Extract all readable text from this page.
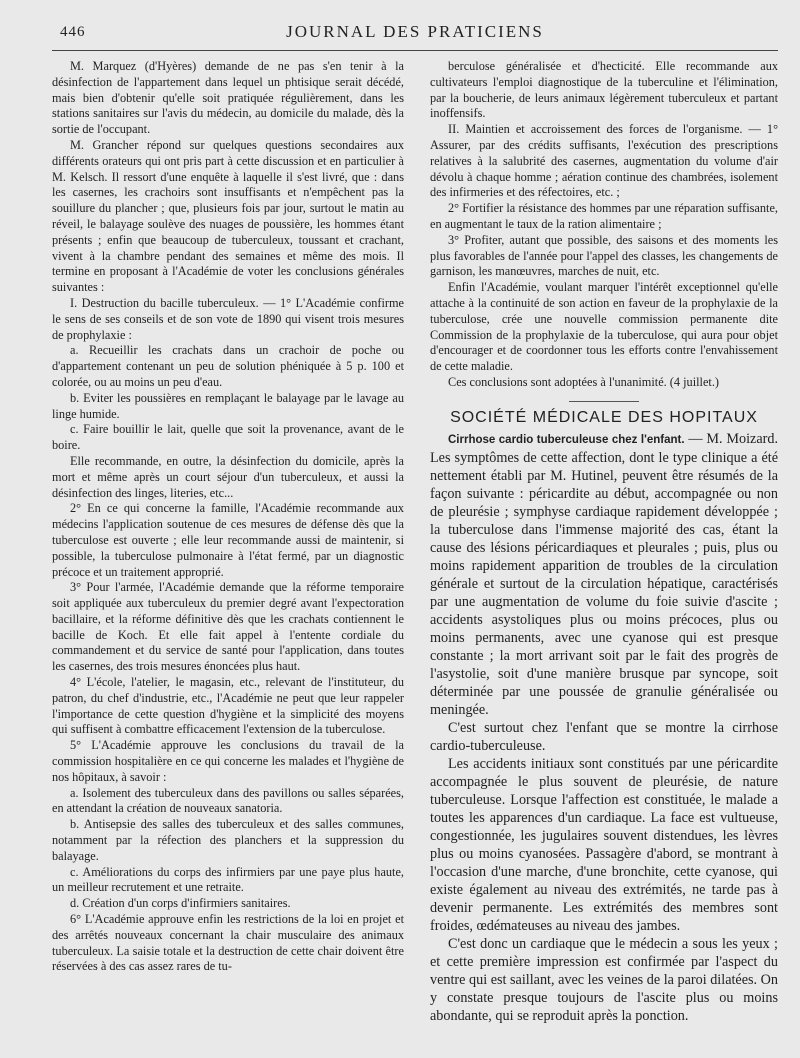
446	JOURNAL DES PRATICIENS

M. Marquez (d'Hyères) demande de ne pas s'en tenir à la désinfection de l'appartement dans lequel un phtisique serait décédé, mais bien d'obtenir qu'elle soit pratiquée régulièrement, dans les stations sanitaires sur l'avis du médecin, au domicile du malade, dès la sortie de l'occupant.

M. Grancher répond sur quelques questions secondaires aux différents orateurs qui ont pris part à cette discussion et en particulier à M. Kelsch. Il ressort d'une enquête à laquelle il s'est livré, que : dans les casernes, les crachoirs sont insuffisants et n'empêchent pas la souillure du plancher ; que, plusieurs fois par jour, surtout le matin au réveil, le balayage soulève des nuages de poussière, les hommes étant présents ; enfin que beaucoup de tuberculeux, toussant et crachant, vivent à la chambre pendant des semaines et même des mois. Il termine en proposant à l'Académie de voter les conclusions générales suivantes :

I. Destruction du bacille tuberculeux. — 1° L'Académie confirme le sens de ses conseils et de son vote de 1890 qui visent trois mesures de prophylaxie :

a. Recueillir les crachats dans un crachoir de poche ou d'appartement contenant un peu de solution phéniquée à 5 p. 100 et colorée, ou au moins un peu d'eau.

b. Eviter les poussières en remplaçant le balayage par le lavage au linge humide.

c. Faire bouillir le lait, quelle que soit la provenance, avant de le boire.

Elle recommande, en outre, la désinfection du domicile, après la mort et même après un court séjour d'un tuberculeux, et aussi la désinfection des linges, literies, etc...

2° En ce qui concerne la famille, l'Académie recommande aux médecins l'application soutenue de ces mesures de défense dès que la tuberculose est ouverte ; elle leur recommande aussi de maintenir, si possible, la tuberculose pulmonaire à l'état fermé, par un diagnostic précoce et un traitement approprié.

3° Pour l'armée, l'Académie demande que la réforme temporaire soit appliquée aux tuberculeux du premier degré avant l'expectoration bacillaire, et la réforme définitive dès que les crachats contiennent le bacille de Koch. Et elle fait appel à l'entente cordiale du commandement et du service de santé pour l'application, dans toutes les casernes, des trois mesures énoncées plus haut.

4° L'école, l'atelier, le magasin, etc., relevant de l'instituteur, du patron, du chef d'industrie, etc., l'Académie ne peut que leur rappeler l'importance de cette question d'hygiène et la simplicité des moyens qui suffisent à combattre efficacement l'extension de la tuberculose.

5° L'Académie approuve les conclusions du travail de la commission hospitalière en ce qui concerne les malades et l'hygiène de nos hôpitaux, à savoir :

a. Isolement des tuberculeux dans des pavillons ou salles séparées, en attendant la création de nouveaux sanatoria.

b. Antisepsie des salles des tuberculeux et des salles communes, notamment par la réfection des planchers et la suppression du balayage.

c. Améliorations du corps des infirmiers par une paye plus haute, un meilleur recrutement et une retraite.

d. Création d'un corps d'infirmiers sanitaires.

6° L'Académie approuve enfin les restrictions de la loi en projet et des arrêtés nouveaux concernant la chair musculaire des animaux tuberculeux. La saisie totale et la destruction de cette chair doivent être réservées à des cas assez rares de tu-

berculose généralisée et d'hecticité. Elle recommande aux cultivateurs l'emploi diagnostique de la tuberculine et l'élimination, par la boucherie, de leurs animaux légèrement tuberculeux et partant inoffensifs.

II. Maintien et accroissement des forces de l'organisme. — 1° Assurer, par des crédits suffisants, l'exécution des prescriptions relatives à la salubrité des casernes, augmentation du volume d'air dévolu à chaque homme ; aération continue des chambrées, isolement des infirmeries et des réfectoires, etc. ;

2° Fortifier la résistance des hommes par une réparation suffisante, en augmentant le taux de la ration alimentaire ;

3° Profiter, autant que possible, des saisons et des moments les plus favorables de l'année pour l'appel des classes, les changements de garnison, les manœuvres, marches de nuit, etc.

Enfin l'Académie, voulant marquer l'intérêt exceptionnel qu'elle attache à la continuité de son action en faveur de la prophylaxie de la tuberculose, crée une nouvelle commission permanente dite Commission de la prophylaxie de la tuberculose, qui aura pour objet d'encourager et de coordonner tous les efforts contre l'envahissement de cette maladie.

Ces conclusions sont adoptées à l'unanimité. (4 juillet.)

SOCIÉTÉ MÉDICALE DES HOPITAUX

Cirrhose cardio tuberculeuse chez l'enfant. — M. Moizard. Les symptômes de cette affection, dont le type clinique a été nettement établi par M. Hutinel, peuvent être résumés de la façon suivante : péricardite au début, accompagnée ou non de pleurésie ; symphyse cardiaque rapidement développée ; la tuberculose dans l'immense majorité des cas, étant la cause des lésions péricardiaques et pleurales ; puis, plus ou moins rapidement apparition de troubles de la circulation générale et surtout de la circulation hépatique, caractérisés par une augmentation de volume du foie suivie d'ascite ; accidents asystoliques plus ou moins précoces, plus ou moins permanents, avec une cyanose qui est presque constante ; la mort arrivant soit par le fait des progrès de l'asystolie, soit d'une manière brusque par syncope, soit déterminée par une poussée de granulie généralisée ou meningée.

C'est surtout chez l'enfant que se montre la cirrhose cardio-tuberculeuse.

Les accidents initiaux sont constitués par une péricardite accompagnée le plus souvent de pleurésie, de nature tuberculeuse. Lorsque l'affection est constituée, le malade a toutes les apparences d'un cardiaque. La face est vultueuse, congestionnée, les jugulaires souvent distendues, les lèvres plus ou moins cyanosées. Passagère d'abord, se montrant à l'occasion d'une marche, d'une bronchite, cette cyanose, qui existe également au niveau des extrémités, ne tarde pas à devenir permanente. Les extrémités des membres sont froides, œdémateuses au niveau des jambes.

C'est donc un cardiaque que le médecin a sous les yeux ; et cette première impression est confirmée par l'aspect du ventre qui est saillant, avec les veines de la paroi dilatées. On y constate presque toujours de l'ascite plus ou moins abondante, qui se reproduit après la ponction.
